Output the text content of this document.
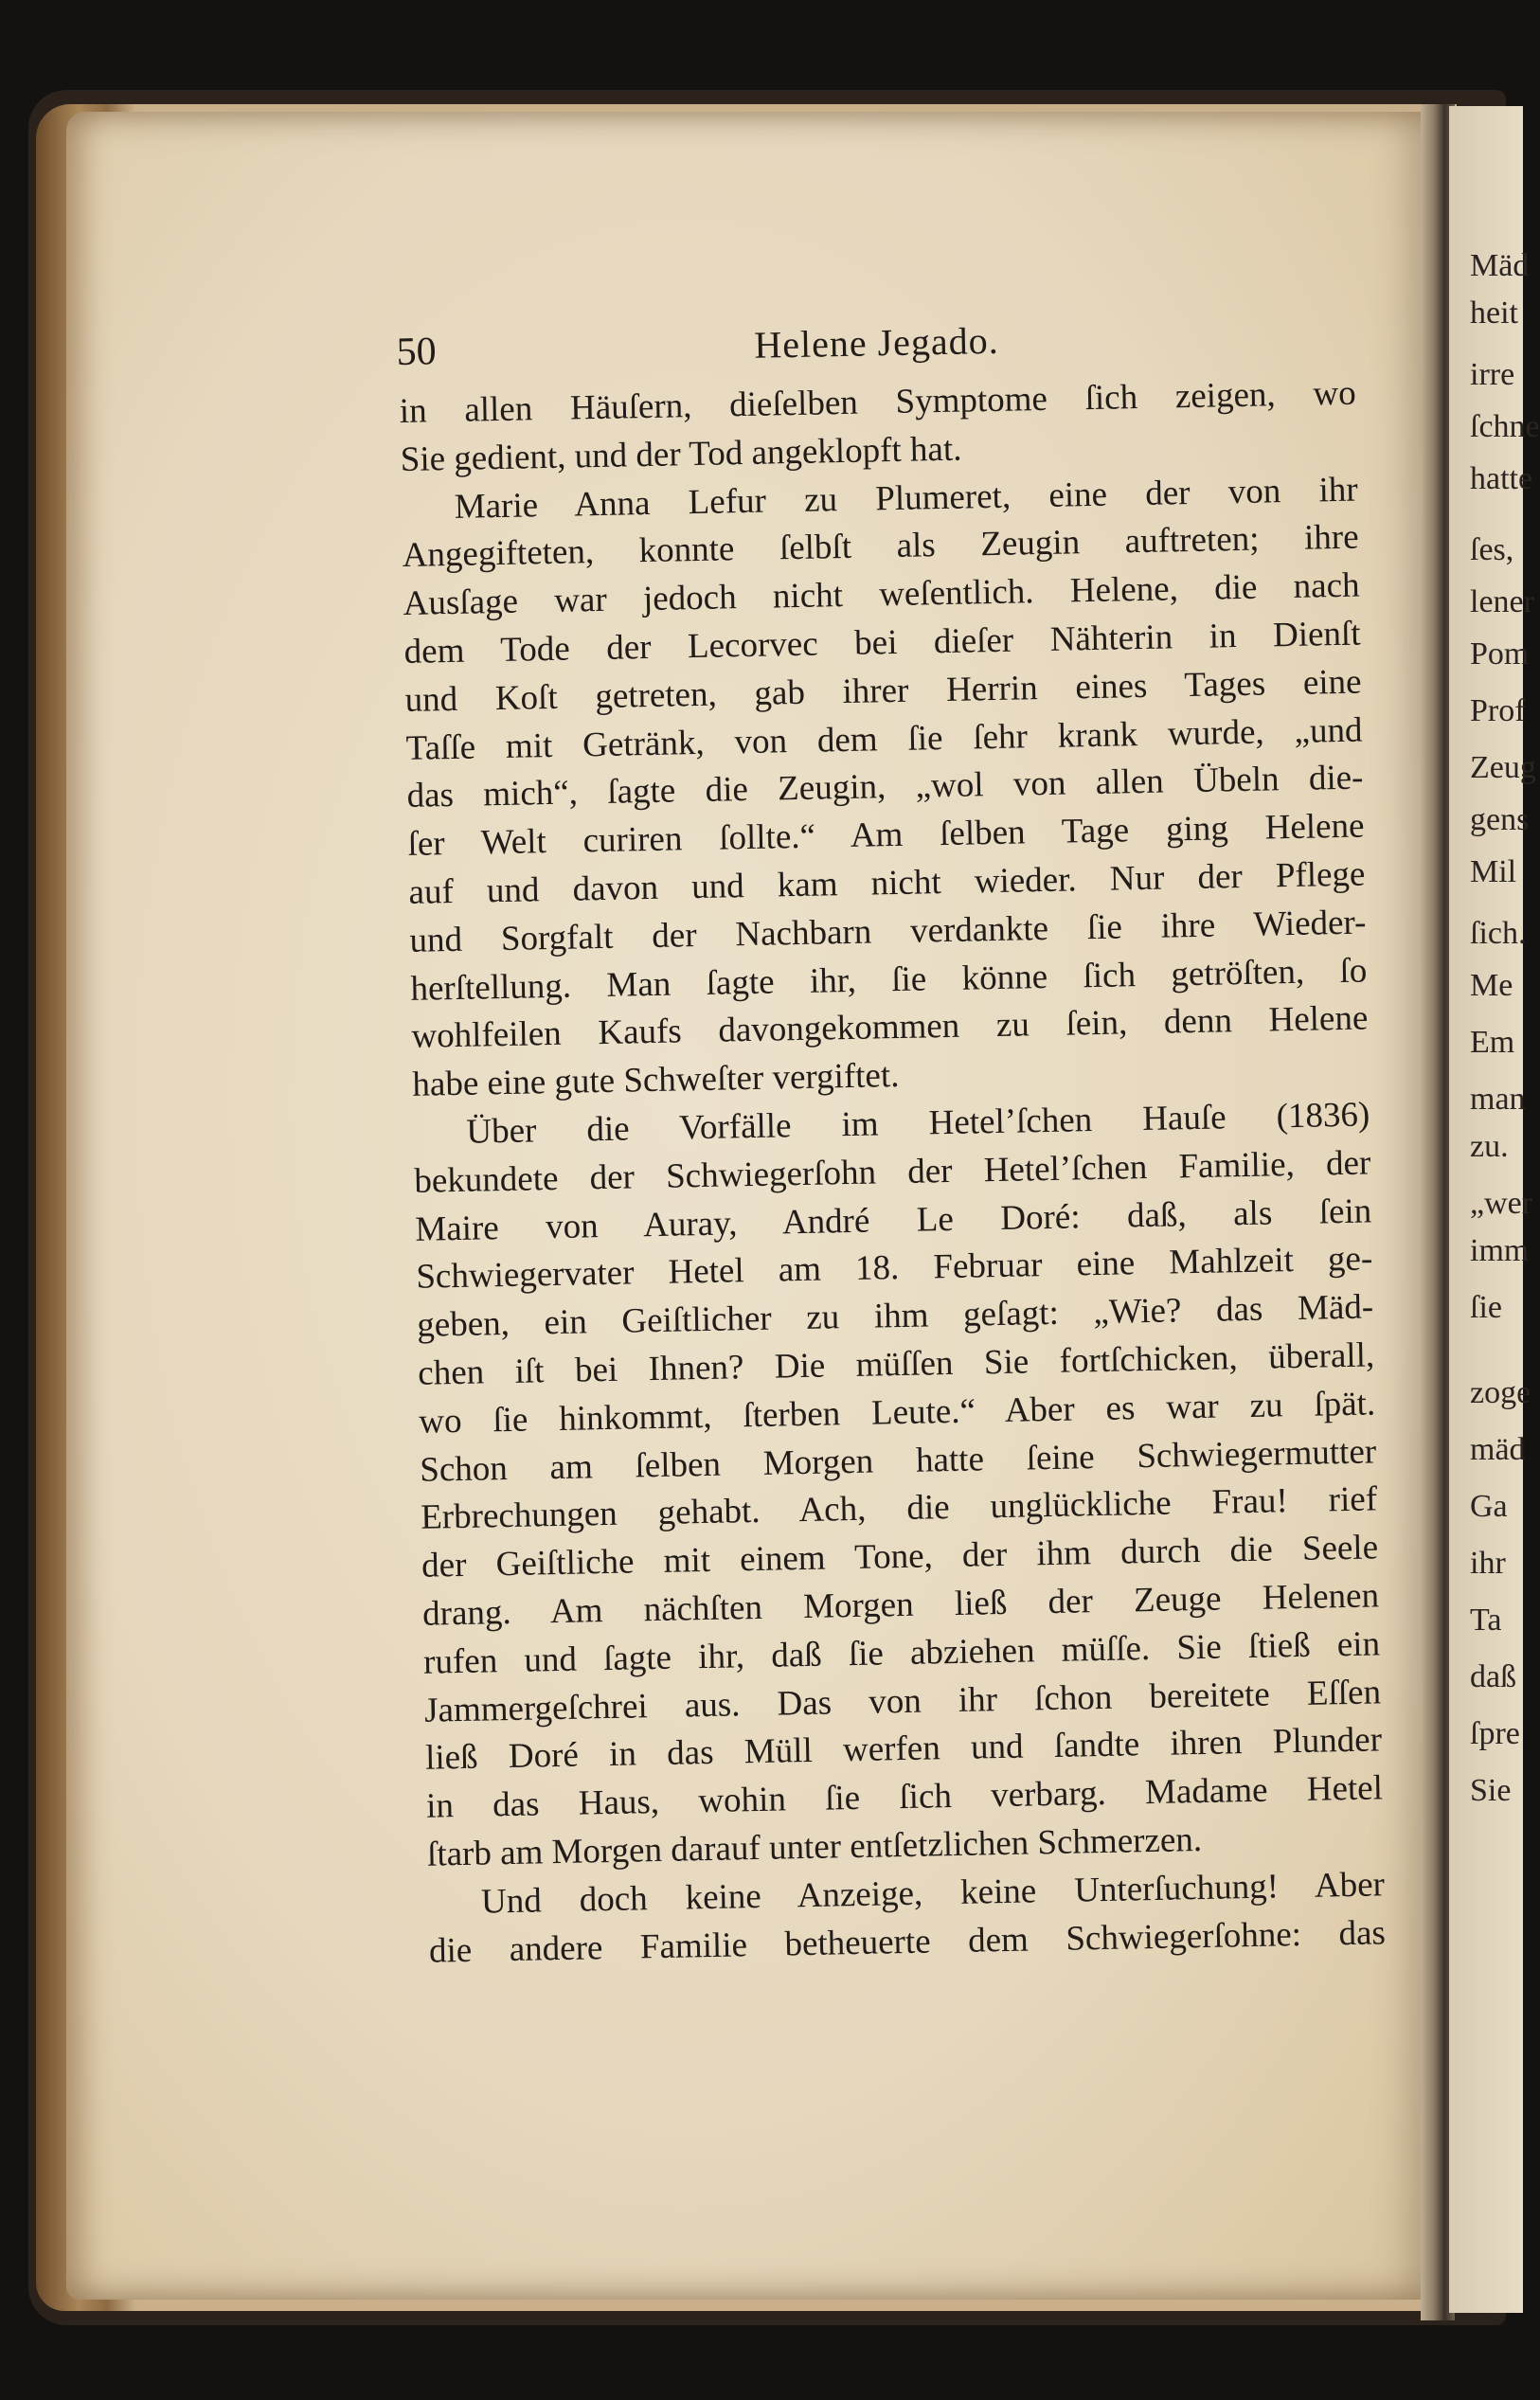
Mäd
heit
irre
ſchne
hatte
ſes,
lener
Pom
Prof
Zeug
gens
Mil
ſich.
Me
Em
man
zu.
„wer
imm
ſie
zoge
mäd
Ga
ihr
Ta
daß
ſpre
Sie
50	Helene Jegado.
in allen Häuſern, dieſelben Symptome ſich zeigen, wo
Sie gedient, und der Tod angeklopft hat.
Marie Anna Lefur zu Plumeret, eine der von ihr
Angegifteten, konnte ſelbſt als Zeugin auftreten; ihre
Ausſage war jedoch nicht weſentlich. Helene, die nach
dem Tode der Lecorvec bei dieſer Nähterin in Dienſt
und Koſt getreten, gab ihrer Herrin eines Tages eine
Taſſe mit Getränk, von dem ſie ſehr krank wurde, „und
das mich“, ſagte die Zeugin, „wol von allen Übeln die-
ſer Welt curiren ſollte.“ Am ſelben Tage ging Helene
auf und davon und kam nicht wieder. Nur der Pflege
und Sorgfalt der Nachbarn verdankte ſie ihre Wieder-
herſtellung. Man ſagte ihr, ſie könne ſich getröſten, ſo
wohlfeilen Kaufs davongekommen zu ſein, denn Helene
habe eine gute Schweſter vergiftet.
Über die Vorfälle im Hetel’ſchen Hauſe (1836)
bekundete der Schwiegerſohn der Hetel’ſchen Familie, der
Maire von Auray, André Le Doré: daß, als ſein
Schwiegervater Hetel am 18. Februar eine Mahlzeit ge-
geben, ein Geiſtlicher zu ihm geſagt: „Wie? das Mäd-
chen iſt bei Ihnen? Die müſſen Sie fortſchicken, überall,
wo ſie hinkommt, ſterben Leute.“ Aber es war zu ſpät.
Schon am ſelben Morgen hatte ſeine Schwiegermutter
Erbrechungen gehabt. Ach, die unglückliche Frau! rief
der Geiſtliche mit einem Tone, der ihm durch die Seele
drang. Am nächſten Morgen ließ der Zeuge Helenen
rufen und ſagte ihr, daß ſie abziehen müſſe. Sie ſtieß ein
Jammergeſchrei aus. Das von ihr ſchon bereitete Eſſen
ließ Doré in das Müll werfen und ſandte ihren Plunder
in das Haus, wohin ſie ſich verbarg. Madame Hetel
ſtarb am Morgen darauf unter entſetzlichen Schmerzen.
Und doch keine Anzeige, keine Unterſuchung! Aber
die andere Familie betheuerte dem Schwiegerſohne: das
